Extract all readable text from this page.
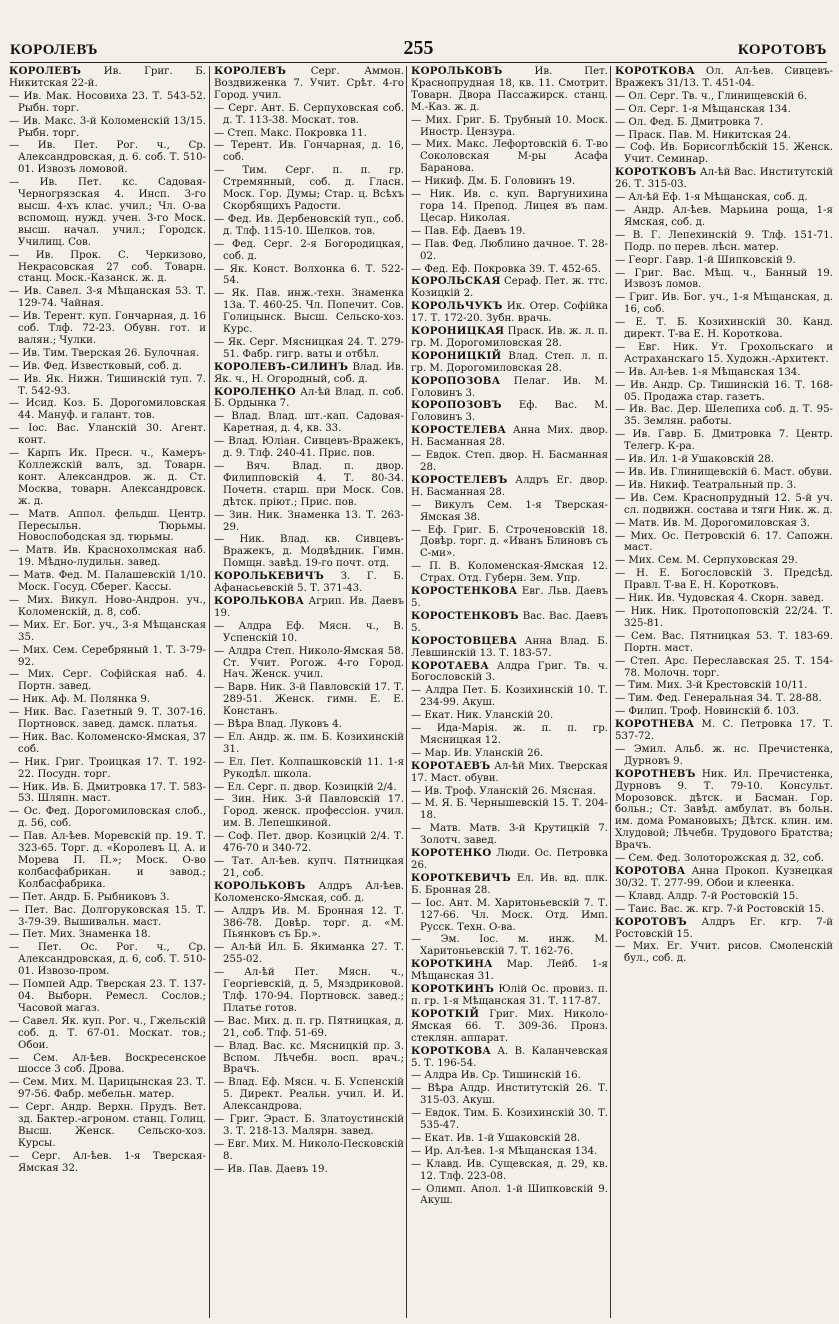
КОРОЛЕВЪ	255	КОРОТОВЪ
КОРОЛЕВЪ Ив. Григ. Б. Никитская 22-й.
— Ив. Мак. Носовиха 23. Т. 543-52. Рыбн. торг.
— Ив. Макс. 3-й Коломенскій 13/15. Рыбн. торг.
— Ив. Пет. Рог. ч., Ср. Александровская, д. 6. соб. Т. 510-01. Извозъ ломовой.
— Ив. Пет. кс. Садовая-Черногрязская 4. Инсп. 3-го высш. 4-хъ клас. учил.; Чл. О-ва вспомощ. нужд. учен. 3-го Моск. высш. начал. учил.; Городск. Училищ. Сов.
— Ив. Прок. С. Черкизово, Некрасовская 27 соб. Товарн. станц. Моск.-Казанск. ж. д.
— Ив. Савел. 3-я Мѣщанская 53. Т. 129-74. Чайная.
— Ив. Терент. куп. Гончарная, д. 16 соб. Тлф. 72-23. Обувн. гот. и валян.; Чулки.
— Ив. Тим. Тверская 26. Булочная.
— Ив. Фед. Известковый, соб. д.
— Ив. Як. Нижн. Тишинскій туп. 7. Т. 542-93.
— Исид. Коз. Б. Дорогомиловская 44. Мануф. и галант. тов.
— Іос. Вас. Уланскій 30. Агент. конт.
— Карпъ Ик. Пресн. ч., Камеръ-Коллежскій валъ, зд. Товарн. конт. Александров. ж. д. Ст. Москва, товарн. Александровск. ж. д.
— Матв. Аппол. фельдш. Центр. Пересыльн. Тюрьмы. Новослободская зд. тюрьмы.
— Матв. Ив. Краснохолмская наб. 19. Мѣдно-лудильн. завед.
— Матв. Фед. М. Палашевскій 1/10. Моск. Госуд. Сберег. Кассы.
— Мих. Викул. Ново-Андрон. уч., Коломенскій, д. 8, соб.
— Мих. Ег. Бог. уч., 3-я Мѣщанская 35.
— Мих. Сем. Серебряный 1. Т. 3-79-92.
— Мих. Серг. Софійская наб. 4. Портн. завед.
— Ник. Аф. М. Полянка 9.
— Ник. Вас. Газетный 9. Т. 307-16. Портновск. завед. дамск. платья.
— Ник. Вас. Коломенско-Ямская, 37 соб.
— Ник. Григ. Троицкая 17. Т. 192-22. Посудн. торг.
— Ник. Ив. Б. Дмитровка 17. Т. 583-53. Шляпн. маст.
— Ос. Фед. Дорогомиловская слоб., д. 56, соб.
— Пав. Ал-ѣев. Моревскій пр. 19. Т. 323-65. Торг. д. «Королевъ Ц. А. и Морева П. П.»; Моск. О-во колбасфабрикан. и завод.; Колбасфабрика.
— Пет. Андр. Б. Рыбниковъ 3.
— Пет. Вас. Долгоруковская 15. Т. 3-79-39. Вышивальн. маст.
— Пет. Мих. Знаменка 18.
— Пет. Ос. Рог. ч., Ср. Александровская, д. 6, соб. Т. 510-01. Извозо-пром.
— Помпей Адр. Тверская 23. Т. 137-04. Выборн. Ремесл. Сослов.; Часовой магаз.
— Савел. Як. куп. Рог. ч., Гжельскій соб. д. Т. 67-01. Москат. тов.; Обои.
— Сем. Ал-ѣев. Воскресенское шоссе 3 соб. Дрова.
— Сем. Мих. М. Царицынская 23. Т. 97-56. Фабр. мебельн. матер.
— Серг. Андр. Верхн. Прудъ. Вет. зд. Бактер.-агроном. станц. Голиц. Высш. Женск. Сельско-хоз. Курсы.
— Серг. Ал-ѣев. 1-я Тверская-Ямская 32.
КОРОЛЕВЪ Серг. Аммон. Воздвиженка 7. Учит. Срѣт. 4-го Город. учил.
— Серг. Ант. Б. Серпуховская соб. д. Т. 113-38. Москат. тов.
— Степ. Макс. Покровка 11.
— Терент. Ив. Гончарная, д. 16, соб.
— Тим. Серг. п. п. гр. Стремянный, соб. д. Гласн. Моск. Гор. Думы; Стар. ц. Всѣхъ Скорбящихъ Радости.
— Фед. Ив. Дербеновскій туп., соб. д. Тлф. 115-10. Шелков. тов.
— Фед. Серг. 2-я Богородицкая, соб. д.
— Як. Конст. Волхонка 6. Т. 522-54.
— Як. Пав. инж.-техн. Знаменка 13а. Т. 460-25. Чл. Попечит. Сов. Голицынск. Высш. Сельско-хоз. Курс.
— Як. Серг. Мясницкая 24. Т. 279-51. Фабр. гигр. ваты и отбѣл.
КОРОЛЕВЪ-СИЛИНЪ Влад. Ив. Як. ч., Н. Огородный, соб. д.
КОРОЛЕНКО Ал-ѣй Влад. п. соб. Б. Ордынка 7.
— Влад. Влад. шт.-кап. Садовая-Каретная, д. 4, кв. 33.
— Влад. Юліан. Сивцевъ-Вражекъ, д. 9. Тлф. 240-41. Прис. пов.
— Вяч. Влад. п. двор. Филипповскій 4. Т. 80-34. Почетн. старш. при Моск. Сов. дѣтск. пріют.; Прис. пов.
— Зин. Ник. Знаменка 13. Т. 263-29.
— Ник. Влад. кв. Сивцевъ-Вражекъ, д. Модвѣдник. Гимн. Помщн. завѣд. 19-го почт. отд.
КОРОЛЬКЕВИЧЪ З. Г. Б. Афанасьевскій 5. Т. 371-43.
КОРОЛЬКОВА Агрип. Ив. Даевъ 19.
— Алдра Еф. Мясн. ч., В. Успенскій 10.
— Алдра Степ. Николо-Ямская 58. Ст. Учит. Рогож. 4-го Город. Нач. Женск. учил.
— Варв. Ник. 3-й Павловскій 17. Т. 289-51. Женск. гимн. Е. Е. Констанъ.
— Вѣра Влад. Луковъ 4.
— Ел. Андр. ж. пм. Б. Козихинскій 31.
— Ел. Пет. Колпашковскій 11. 1-я Рукодѣл. школа.
— Ел. Серг. п. двор. Козицкій 2/4.
— Зин. Ник. 3-й Павловскій 17. Город. женск. профессіон. учил. им. В. Лепешкиной.
— Соф. Пет. двор. Козицкій 2/4. Т. 476-70 и 340-72.
— Тат. Ал-ѣев. купч. Пятницкая 21, соб.
КОРОЛЬКОВЪ Алдръ Ал-ѣев. Коломенско-Ямская, соб. д.
— Алдръ Ив. М. Бронная 12. Т. 386-78. Довѣр. торг. д. «М. Пьянковъ съ Бр.».
— Ал-ѣй Ил. Б. Якиманка 27. Т. 255-02.
— Ал-ѣй Пет. Мясн. ч., Георгіевскій, д. 5, Мяздриковой. Тлф. 170-94. Портновск. завед.; Платье готов.
— Вас. Мих. д. п. гр. Пятницкая, д. 21, соб. Тлф. 51-69.
— Влад. Вас. кс. Мясницкій пр. 3. Вспом. Лѣчебн. восп. врач.; Врачъ.
— Влад. Еф. Мясн. ч. Б. Успенскій 5. Директ. Реальн. учил. И. И. Александрова.
— Григ. Эраст. Б. Златоустинскій 3. Т. 218-13. Малярн. завед.
— Евг. Мих. М. Николо-Песковскій 8.
— Ив. Пав. Даевъ 19.
КОРОЛЬКОВЪ	Ив. Пет. Краснопрудная 18, кв. 11. Смотрит. Товарн. Двора Пассажирск. станц. М.-Каз. ж. д.
— Мих. Григ. Б. Трубный 10. Моск. Иностр. Цензура.
— Мих. Макс. Лефортовскій 6. Т-во Соколовская М-ры Асафа Баранова.
— Никиф. Дм. Б. Головинъ 19.
— Ник. Ив. с. куп. Варгунихина гора 14. Препод. Лицея въ пам. Цесар. Николая.
— Пав. Еф. Даевъ 19.
— Пав. Фед. Люблино дачное. Т. 28-02.
— Фед. Еф. Покровка 39. Т. 452-65.
КОРОЛЬСКАЯ Сераф. Пет. ж. ттс. Козицкій 2.
КОРОЛЬЧУКЪ Ик. Отер. Софійка 17. Т. 172-20. Зубн. врачь.
КОРОНИЦКАЯ Праск. Ив. ж. л. п. гр. М. Дорогомиловская 28.
КОРОНИЦКІЙ Влад. Степ. л. п. гр. М. Дорогомиловская 28.
КОРОПОЗОВА Пелаг. Ив. М. Головинъ 3.
КОРОПОЗОВЪ Еф. Вас. М. Головинъ 3.
КОРОСТЕЛЕВА Анна Мих. двор. Н. Басманная 28.
— Евдок. Степ. двор. Н. Басманная 28.
КОРОСТЕЛЕВЪ Алдръ Ег. двор. Н. Басманная 28.
— Викулъ Сем. 1-я Тверская-Ямская 38.
— Еф. Григ. Б. Строченовскій 18. Довѣр. торг. д. «Иванъ Блиновъ съ С-ми».
— П. В. Коломенская-Ямская 12. Страх. Отд. Губерн. Зем. Упр.
КОРОСТЕНКОВА Евг. Льв. Даевъ 5.
КОРОСТЕНКОВЪ Вас. Вас. Даевъ 5.
КОРОСТОВЦЕВА Анна Влад. Б. Левшинскій 13. Т. 183-57.
КОРОТАЕВА Алдра Григ. Тв. ч. Богословскій 3.
— Алдра Пет. Б. Козихинскій 10. Т. 234-99. Акуш.
— Екат. Ник. Уланскій 20.
— Ида-Марія. ж. п. п. гр. Мясницкая 12.
— Мар. Ив. Уланскій 26.
КОРОТАЕВЪ Ал-ѣй Мих. Тверская 17. Маст. обуви.
— Ив. Троф. Уланскій 26. Мясная.
— М. Я. Б. Чернышевскій 15. Т. 204-18.
— Матв. Матв. 3-й Крутицкій 7. Золотч. завед.
КОРОТЕНКО Люди. Ос. Петровка 26.
КОРОТКЕВИЧЪ Ел. Ив. вд. плк. Б. Бронная 28.
— Іос. Ант. М. Харитоньевскій 7. Т. 127-66. Чл. Моск. Отд. Имп. Русск. Техн. О-ва.
— Эм. Іос. м. инж. М. Харитоньевскій 7. Т. 162-76.
КОРОТКИНА Мар. Лейб. 1-я Мѣщанская 31.
КОРОТКИНЪ Юлій Ос. провиз. п. п. гр. 1-я Мѣщанская 31. Т. 117-87.
КОРОТКІЙ Григ. Мих. Николо-Ямская 66. Т. 309-36. Пронз. стеклян. аппарат.
КОРОТКОВА А. В. Каланчевская 5. Т. 196-54.
— Алдра Ив. Ср. Тишинскій 16.
— Вѣра Алдр. Институтскій 26. Т. 315-03. Акуш.
— Евдок. Тим. Б. Козихинскій 30. Т. 535-47.
— Екат. Ив. 1-й Ушаковскій 28.
— Ир. Ал-ѣев. 1-я Мѣщанская 134.
— Клавд. Ив. Сущевская, д. 29, кв. 12. Тлф. 223-08.
— Олимп. Апол. 1-й Шипковскій 9. Акуш.
КОРОТКОВА Ол. Ал-ѣев. Сивцевъ-Вражекъ 31/13. Т. 451-04.
— Ол. Серг. Тв. ч., Глинищевскій 6.
— Ол. Серг. 1-я Мѣщанская 134.
— Ол. Фед. Б. Дмитровка 7.
— Праск. Пав. М. Никитская 24.
— Соф. Ив. Борисоглѣбскій 15. Женск. Учит. Семинар.
КОРОТКОВЪ Ал-ѣй Вас. Институтскій 26. Т. 315-03.
— Ал-ѣй Еф. 1-я Мѣщанская, соб. д.
— Андр. Ал-ѣев. Марьина роща, 1-я Ямская, соб. д.
— В. Г. Лепехинскій 9. Тлф. 151-71. Подр. по перев. лѣсн. матер.
— Георг. Гавр. 1-й Шипковскій 9.
— Григ. Вас. Мѣщ. ч., Банный 19. Извозъ ломов.
— Григ. Ив. Бог. уч., 1-я Мѣщанская, д. 16, соб.
— Е. Т. Б. Козихинскій 30. Канд. директ. Т-ва Е. Н. Короткова.
— Евг. Ник. Ут. Грохольскаго и Астраханскаго 15. Художн.-Архитект.
— Ив. Ал-ѣев. 1-я Мѣщанская 134.
— Ив. Андр. Ср. Тишинскій 16. Т. 168-05. Продажа стар. газетъ.
— Ив. Вас. Дер. Шелепиха соб. д. Т. 95-35. Землян. работы.
— Ив. Гавр. Б. Дмитровка 7. Центр. Телегр. К-ра.
— Ив. Ил. 1-й Ушаковскій 28.
— Ив. Ив. Глинищевскій 6. Маст. обуви.
— Ив. Никиф. Театральный пр. 3.
— Ив. Сем. Краснопрудный 12. 5-й уч. сл. подвижн. состава и тяги Ник. ж. д.
— Матв. Ив. М. Дорогомиловская 3.
— Мих. Ос. Петровскій 6. 17. Сапожн. маст.
— Мих. Сем. М. Серпуховская 29.
— Н. Е. Богословскій 3. Предсѣд. Правл. Т-ва Е. Н. Коротковъ.
— Ник. Ив. Чудовская 4. Скорн. завед.
— Ник. Ник. Протопоповскій 22/24. Т. 325-81.
— Сем. Вас. Пятницкая 53. Т. 183-69. Портн. маст.
— Степ. Арс. Переславская 25. Т. 154-78. Молочн. торг.
— Тим. Мих. 3-й Крестовскій 10/11.
— Тим. Фед. Генеральная 34. Т. 28-88.
— Филип. Троф. Новинскій б. 103.
КОРОТНЕВА М. С. Петровка 17. Т. 537-72.
— Эмил. Альб. ж. нс. Пречистенка, Дурновъ 9.
КОРОТНЕВЪ Ник. Ил. Пречистенка, Дурновъ 9. Т. 79-10. Консульт. Морозовск. дѣтск. и Басман. Гор. больн.; Ст. Завѣд. амбулат. въ больн. им. дома Романовыхъ; Дѣтск. клин. им. Хлудовой; Лѣчебн. Трудового Братства; Врачъ.
— Сем. Фед. Золоторожская д. 32, соб.
КОРОТОВА Анна Прокоп. Кузнецкая 30/32. Т. 277-99. Обои и клеенка.
— Клавд. Алдр. 7-й Ростовскій 15.
— Таис. Вас. ж. кгр. 7-й Ростовскій 15.
КОРОТОВЪ Алдръ Ег. кгр. 7-й Ростовскій 15.
— Мих. Ег. Учит. рисов. Смоленскій бул., соб. д.
